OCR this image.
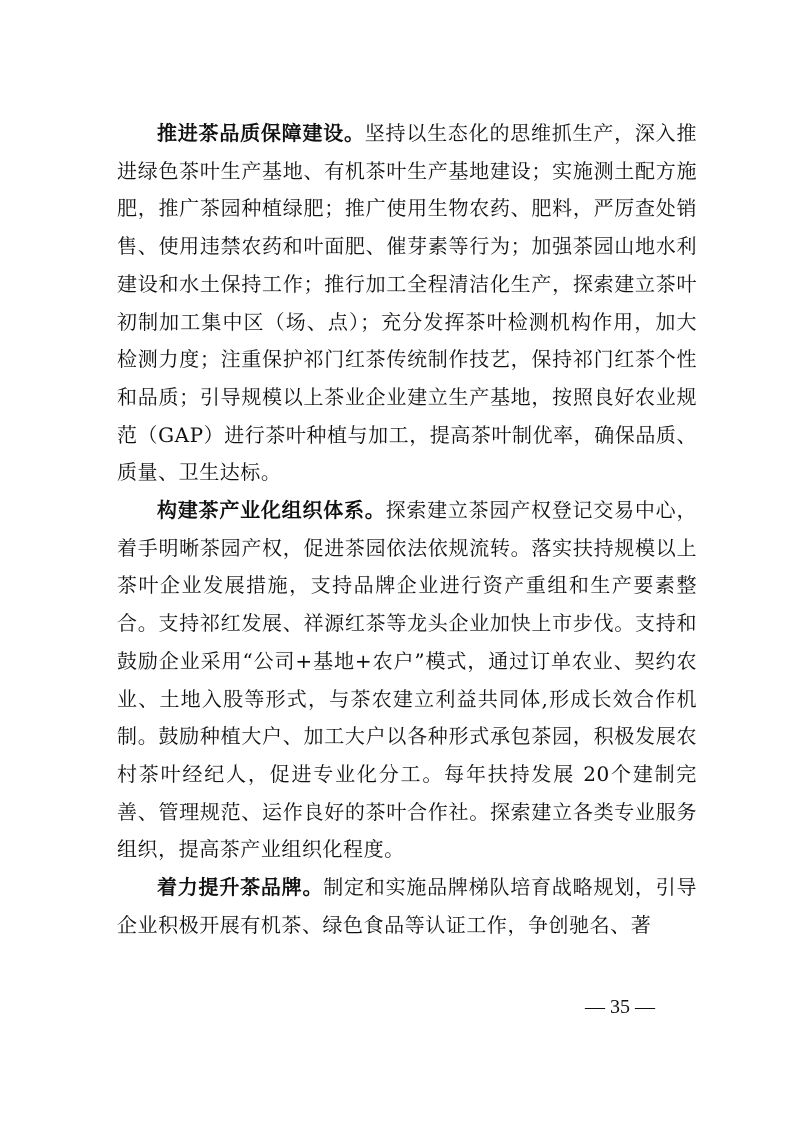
推进茶品质保障建设。坚持以生态化的思维抓生产，深入推进绿色茶叶生产基地、有机茶叶生产基地建设；实施测土配方施肥，推广茶园种植绿肥；推广使用生物农药、肥料，严厉查处销售、使用违禁农药和叶面肥、催芽素等行为；加强茶园山地水利建设和水土保持工作；推行加工全程清洁化生产，探索建立茶叶初制加工集中区（场、点）；充分发挥茶叶检测机构作用，加大检测力度；注重保护祁门红茶传统制作技艺，保持祁门红茶个性和品质；引导规模以上茶业企业建立生产基地，按照良好农业规范（GAP）进行茶叶种植与加工，提高茶叶制优率，确保品质、质量、卫生达标。

构建茶产业化组织体系。探索建立茶园产权登记交易中心，着手明晰茶园产权，促进茶园依法依规流转。落实扶持规模以上茶叶企业发展措施，支持品牌企业进行资产重组和生产要素整合。支持祁红发展、祥源红茶等龙头企业加快上市步伐。支持和鼓励企业采用“公司+基地+农户”模式，通过订单农业、契约农业、土地入股等形式，与茶农建立利益共同体,形成长效合作机制。鼓励种植大户、加工大户以各种形式承包茶园，积极发展农村茶叶经纪人，促进专业化分工。每年扶持发展 20个建制完善、管理规范、运作良好的茶叶合作社。探索建立各类专业服务组织，提高茶产业组织化程度。

着力提升茶品牌。制定和实施品牌梯队培育战略规划，引导企业积极开展有机茶、绿色食品等认证工作，争创驰名、著

— 35 —
